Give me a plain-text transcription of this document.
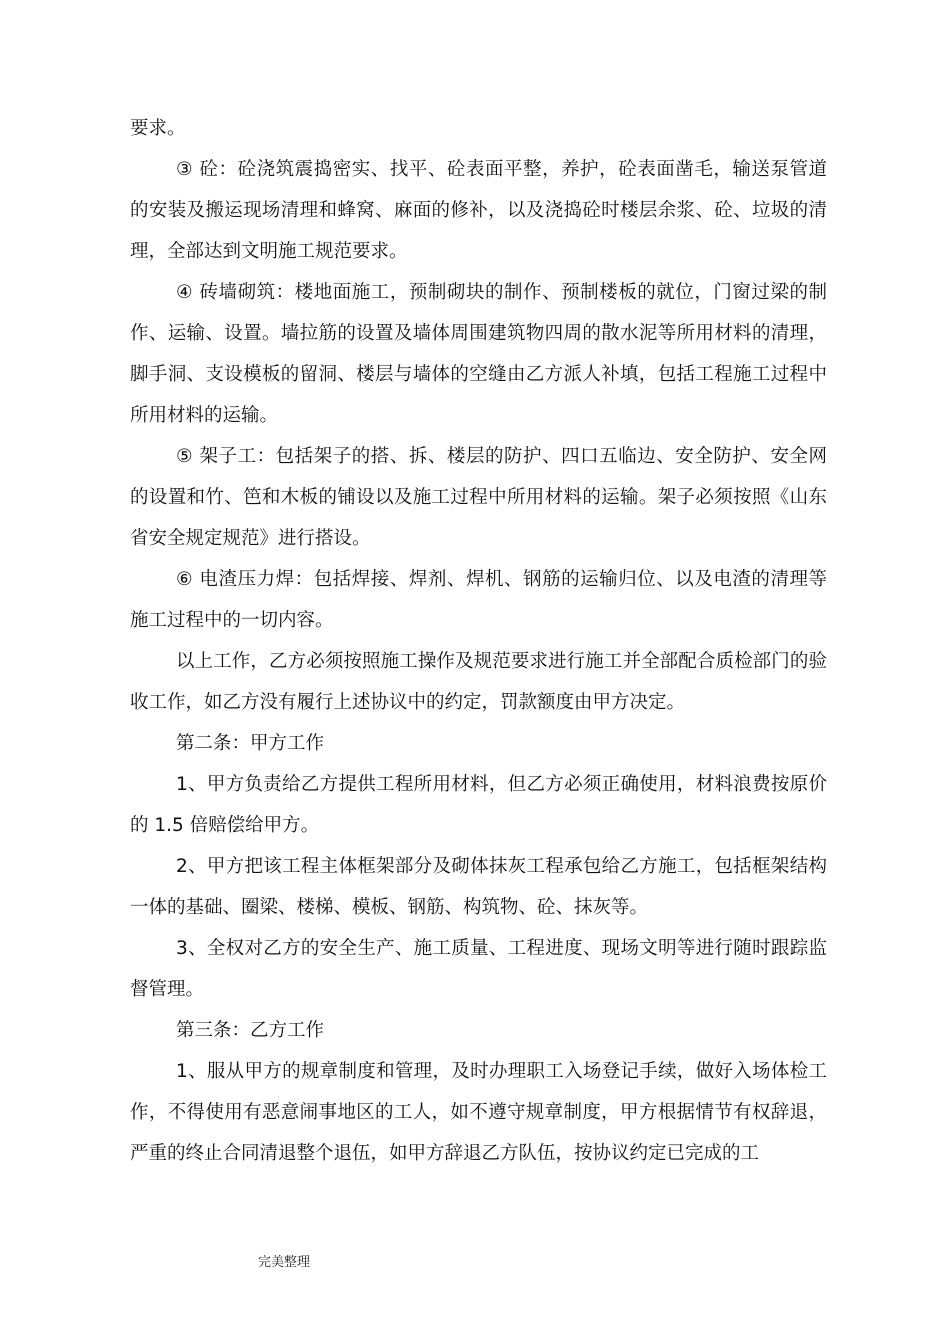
要求。

③ 砼：砼浇筑震捣密实、找平、砼表面平整，养护，砼表面凿毛，输送泵管道的安装及搬运现场清理和蜂窝、麻面的修补，以及浇捣砼时楼层余浆、砼、垃圾的清理，全部达到文明施工规范要求。

④ 砖墙砌筑：楼地面施工，预制砌块的制作、预制楼板的就位，门窗过梁的制作、运输、设置。墙拉筋的设置及墙体周围建筑物四周的散水泥等所用材料的清理，脚手洞、支设模板的留洞、楼层与墙体的空缝由乙方派人补填，包括工程施工过程中所用材料的运输。

⑤ 架子工：包括架子的搭、拆、楼层的防护、四口五临边、安全防护、安全网的设置和竹、笆和木板的铺设以及施工过程中所用材料的运输。架子必须按照《山东省安全规定规范》进行搭设。

⑥ 电渣压力焊：包括焊接、焊剂、焊机、钢筋的运输归位、以及电渣的清理等施工过程中的一切内容。

以上工作，乙方必须按照施工操作及规范要求进行施工并全部配合质检部门的验收工作，如乙方没有履行上述协议中的约定，罚款额度由甲方决定。

第二条：甲方工作

1、甲方负责给乙方提供工程所用材料，但乙方必须正确使用，材料浪费按原价的 1.5 倍赔偿给甲方。

2、甲方把该工程主体框架部分及砌体抹灰工程承包给乙方施工，包括框架结构一体的基础、圈梁、楼梯、模板、钢筋、构筑物、砼、抹灰等。

3、全权对乙方的安全生产、施工质量、工程进度、现场文明等进行随时跟踪监督管理。

第三条：乙方工作

1、服从甲方的规章制度和管理，及时办理职工入场登记手续，做好入场体检工作，不得使用有恶意闹事地区的工人，如不遵守规章制度，甲方根据情节有权辞退，严重的终止合同清退整个退伍，如甲方辞退乙方队伍，按协议约定已完成的工

完美整理
